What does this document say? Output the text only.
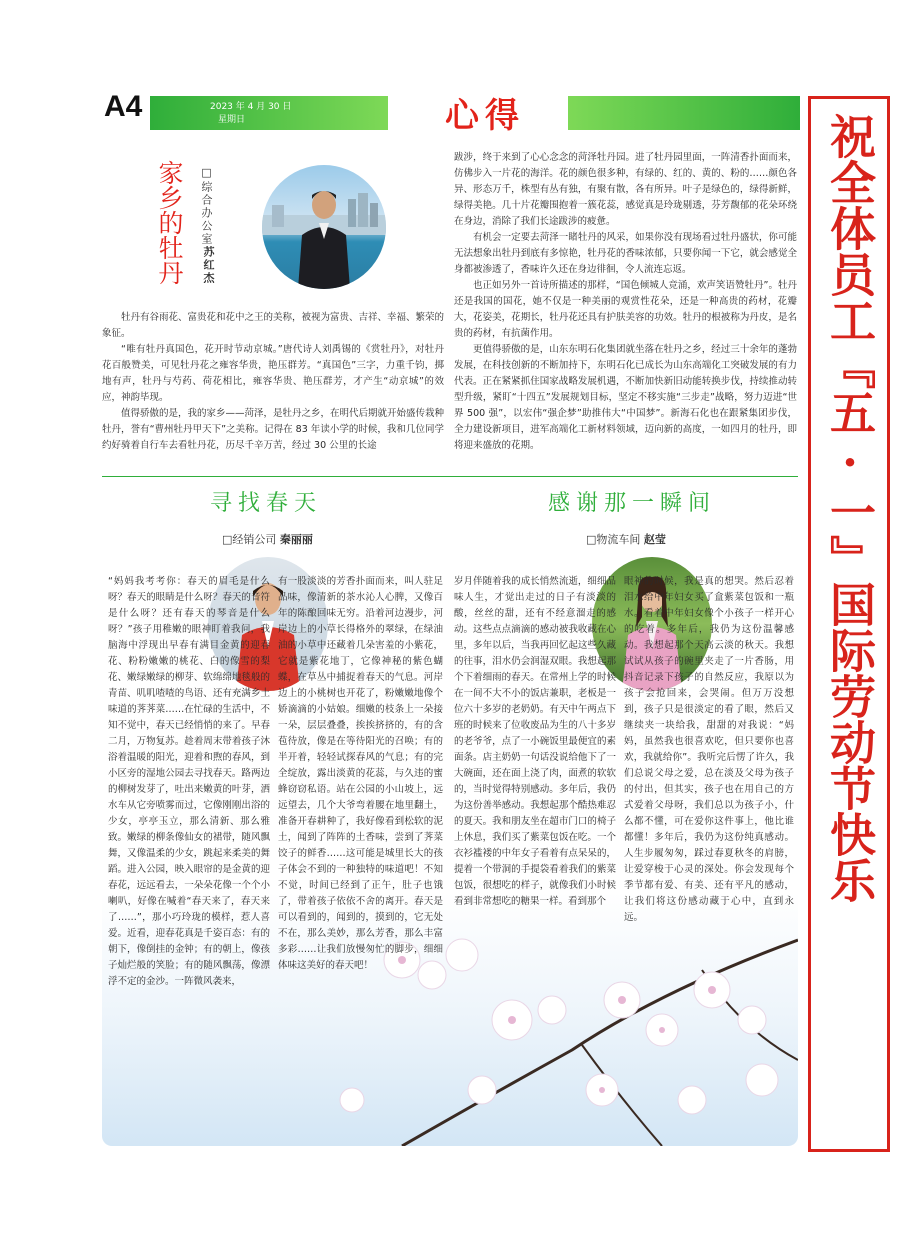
A4	2023 年 4 月 30 日
星期日	心得	祝全体员工『五·一』国际劳动节快乐
家乡的牡丹 □综合办公室
苏红杰

牡丹有谷雨花、富贵花和花中之王的美称，被视为富贵、吉祥、幸福、繁荣的象征。

“唯有牡丹真国色，花开时节动京城。”唐代诗人刘禹锡的《赏牡丹》，对牡丹花百般赞美，可见牡丹花之雍容华贵，艳压群芳。“真国色”三字，力重千钧，掷地有声，牡丹与芍药、荷花相比，雍容华贵、艳压群芳，才产生“动京城”的效应，神韵毕现。

值得骄傲的是，我的家乡——菏泽，是牡丹之乡，在明代后期就开始盛传栽种牡丹，誉有“曹州牡丹甲天下”之美称。记得在 83 年读小学的时候，我和几位同学约好骑着自行车去看牡丹花，历尽千辛万苦，经过 30 公里的长途

跋涉，终于来到了心心念念的菏泽牡丹园。进了牡丹园里面，一阵清香扑面而来，仿佛步入一片花的海洋。花的颜色很多种，有绿的、红的、黄的、粉的……颜色各异、形态万千，株型有丛有独，有聚有散，各有所异。叶子是绿色的，绿得新鲜，绿得美艳。几十片花瓣围抱着一簇花蕊，感觉真是玲珑剔透，芬芳馥郁的花朵环绕在身边，消除了我们长途跋涉的疲惫。

有机会一定要去菏泽一睹牡丹的风采，如果你没有现场看过牡丹盛状，你可能无法想象出牡丹到底有多惊艳，牡丹花的香味浓郁，只要你闻一下它，就会感觉全身都被渗透了，香味许久还在身边徘徊，令人流连忘返。

也正如另外一首诗所描述的那样，“国色倾城人竞涌，欢声笑语赞牡丹”。牡丹还是我国的国花，她不仅是一种美丽的观赏性花朵，还是一种高贵的药材，花瓣大，花姿美，花期长，牡丹花还具有护肤美容的功效。牡丹的根被称为丹皮，是名贵的药材，有抗菌作用。

更值得骄傲的是，山东东明石化集团就坐落在牡丹之乡，经过三十余年的蓬勃发展，在科技创新的不断加持下，东明石化已成长为山东高端化工突破发展的有力代表。正在紧紧抓住国家战略发展机遇，不断加快新旧动能转换步伐，持续推动转型升级，紧盯“十四五”发展规划目标，坚定不移实施“三步走”战略，努力迈进“世界 500 强”，以宏伟“强企梦”助推伟大“中国梦”。新海石化也在跟紧集团步伐，全力建设新项目，进军高端化工新材料领域，迈向新的高度，一如四月的牡丹，即将迎来盛放的花期。

寻找春天	感谢那一瞬间
□经销公司 秦丽丽	□物流车间 赵莹
“妈妈我考考你：春天的眉毛是什么呀？春天的眼睛是什么呀？春天的音符是什么呀？还有春天的琴音是什么呀？”孩子用稚嫩的眼神盯着我问，我脑海中浮现出早春有满目金黄的迎春花、粉粉嫩嫩的桃花、白的像雪的梨花、嫩绿嫩绿的柳芽、软绵绵地毯般的青苗、叽叽喳喳的鸟语、还有充满乡土味道的荠荠菜……在忙碌的生活中，不知不觉中，春天已经悄悄的来了。早春二月，万物复苏。趁着周末带着孩子沐浴着温暖的阳光，迎着和煦的春风，到小区旁的湿地公园去寻找春天。路两边的柳树发芽了，吐出来嫩黄的叶芽，洒水车从它旁喷雾而过，它像刚刚出浴的少女，亭亭玉立，那么清新、那么雅致。嫩绿的柳条像仙女的裙带，随风飘舞，又像温柔的少女，跳起来柔美的舞蹈。进入公园，映入眼帘的是金黄的迎春花，远远看去，一朵朵花像一个个小喇叭，好像在喊着“春天来了，春天来了……”，那小巧玲珑的模样，惹人喜爱。近看，迎春花真是千姿百态：有的朝下，像倒挂的金钟；有的朝上，像孩子灿烂般的笑脸；有的随风飘荡，像漂浮不定的金沙。一阵微风袭来，
有一股淡淡的芳香扑面而来，叫人驻足品味，像清新的茶水沁人心脾，又像百年的陈酿回味无穷。沿着河边漫步，河岸边上的小草长得格外的翠绿，在绿油油的小草中还藏着几朵害羞的小紫花，它就是紫花地丁，它像神秘的紫色蝴蝶，在草丛中捕捉着春天的气息。河岸边上的小桃树也开花了，粉嫩嫩地像个娇滴滴的小姑娘。细嫩的枝条上一朵接一朵，层层叠叠，挨挨挤挤的，有的含苞待放，像是在等待阳光的召唤；有的半开着，轻轻试探春风的气息；有的完全绽放，露出淡黄的花蕊，与久违的蜜蜂窃窃私语。站在公园的小山坡上，远远望去，几个大爷弯着腰在地里翻土，准备开春耕种了，我好像看到松软的泥土，闻到了阵阵的土香味，尝到了荠菜饺子的鲜香……这可能是城里长大的孩子体会不到的一种独特的味道吧！不知不觉，时间已经到了正午，肚子也饿了，带着孩子依依不舍的离开。春天是可以看到的，闻到的，摸到的，它无处不在，那么美妙，那么芳香，那么丰富多彩……让我们放慢匆忙的脚步，细细体味这美好的春天吧！
岁月伴随着我的成长悄然流逝，细细品味人生，才觉出走过的日子有淡淡的酸，丝丝的甜，还有不经意溜走的感动。这些点点滴滴的感动被我收藏在心里，多年以后，当我再回忆起这些久藏的往事，泪水仍会润湿双眼。我想起那个下着细雨的春天。在常州上学的时候在一间不大不小的饭店兼职，老板是一位六十多岁的老奶奶。有天中午两点下班的时候来了位收废品为生的八十多岁的老爷爷，点了一小碗饭里最便宜的素面条。店主奶奶一句话没说给他下了一大碗面，还在面上浇了肉，面煮的软软的，当时觉得特别感动。多年后，我仍为这份善举感动。我想起那个酷热难忍的夏天。我和朋友坐在超市门口的椅子上休息，我们买了紫菜包饭在吃。一个衣衫褴褛的中年女子看着有点呆呆的，提着一个带洞的手提袋看着我们的紫菜包饭，很想吃的样子，就像我们小时候看到非常想吃的糖果一样。看到那个
眼神的时候，我是真的想哭。然后忍着泪水给中年妇女买了盒紫菜包饭和一瓶水。看着中年妇女像个小孩子一样开心的吃着。多年后，我仍为这份温馨感动。我想起那个天高云淡的秋天。我想试试从孩子的碗里夹走了一片香肠，用抖音记录下孩子的自然反应，我原以为孩子会抢回来，会哭闹。但万万没想到，孩子只是很淡定的看了眼，然后又继续夹一块给我，甜甜的对我说：“妈妈，虽然我也很喜欢吃，但只要你也喜欢，我就给你”。我听完后愣了许久，我们总说父母之爱，总在淡及父母为孩子的付出，但其实，孩子也在用自己的方式爱着父母呀，我们总以为孩子小，什么都不懂，可在爱你这件事上，他比谁都懂！多年后，我仍为这份纯真感动。人生步履匆匆，踩过春夏秋冬的肩膀，让爱穿梭于心灵的深处。你会发现每个季节都有爱、有美、还有平凡的感动，让我们将这份感动藏于心中，直到永远。
